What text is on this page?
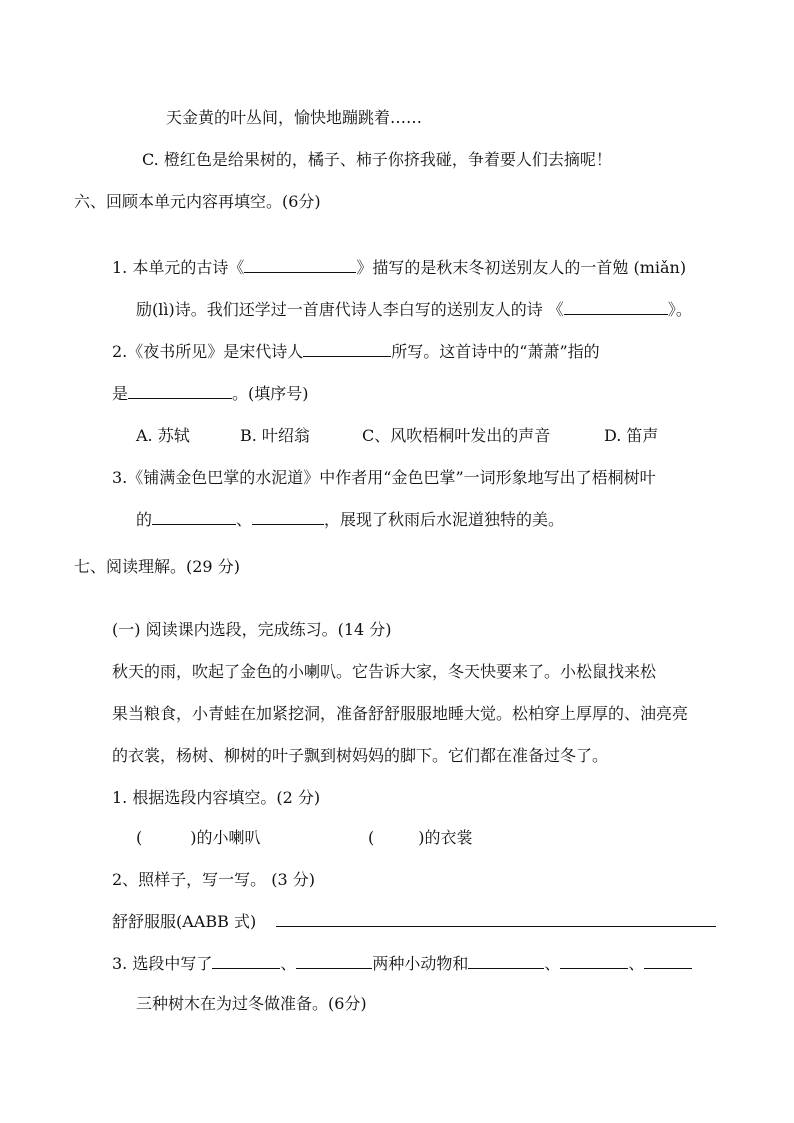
天金黄的叶丛间，愉快地蹦跳着……
C. 橙红色是给果树的，橘子、柿子你挤我碰，争着要人们去摘呢！
六、回顾本单元内容再填空。(6分)
1. 本单元的古诗《	》描写的是秋末冬初送别友人的一首勉 (miǎn)
励(lì)诗。我们还学过一首唐代诗人李白写的送别友人的诗 《	》。
2.《夜书所见》是宋代诗人	所写。这首诗中的“萧萧”指的
是	。(填序号)
A. 苏轼	B. 叶绍翁	C、风吹梧桐叶发出的声音	D. 笛声
3.《铺满金色巴掌的水泥道》中作者用“金色巴掌”一词形象地写出了梧桐树叶
的	、	，展现了秋雨后水泥道独特的美。
七、阅读理解。(29 分)
(一) 阅读课内选段，完成练习。(14 分)
秋天的雨，吹起了金色的小喇叭。它告诉大家，冬天快要来了。小松鼠找来松
果当粮食，小青蛙在加紧挖洞，准备舒舒服服地睡大觉。松柏穿上厚厚的、油亮亮
的衣裳，杨树、柳树的叶子飘到树妈妈的脚下。它们都在准备过冬了。
1. 根据选段内容填空。(2 分)
(	)的小喇叭	(	)的衣裳
2、照样子，写一写。 (3 分)
舒舒服服(AABB 式)
3. 选段中写了	、	两种小动物和	、	、
三种树木在为过冬做准备。(6分)
